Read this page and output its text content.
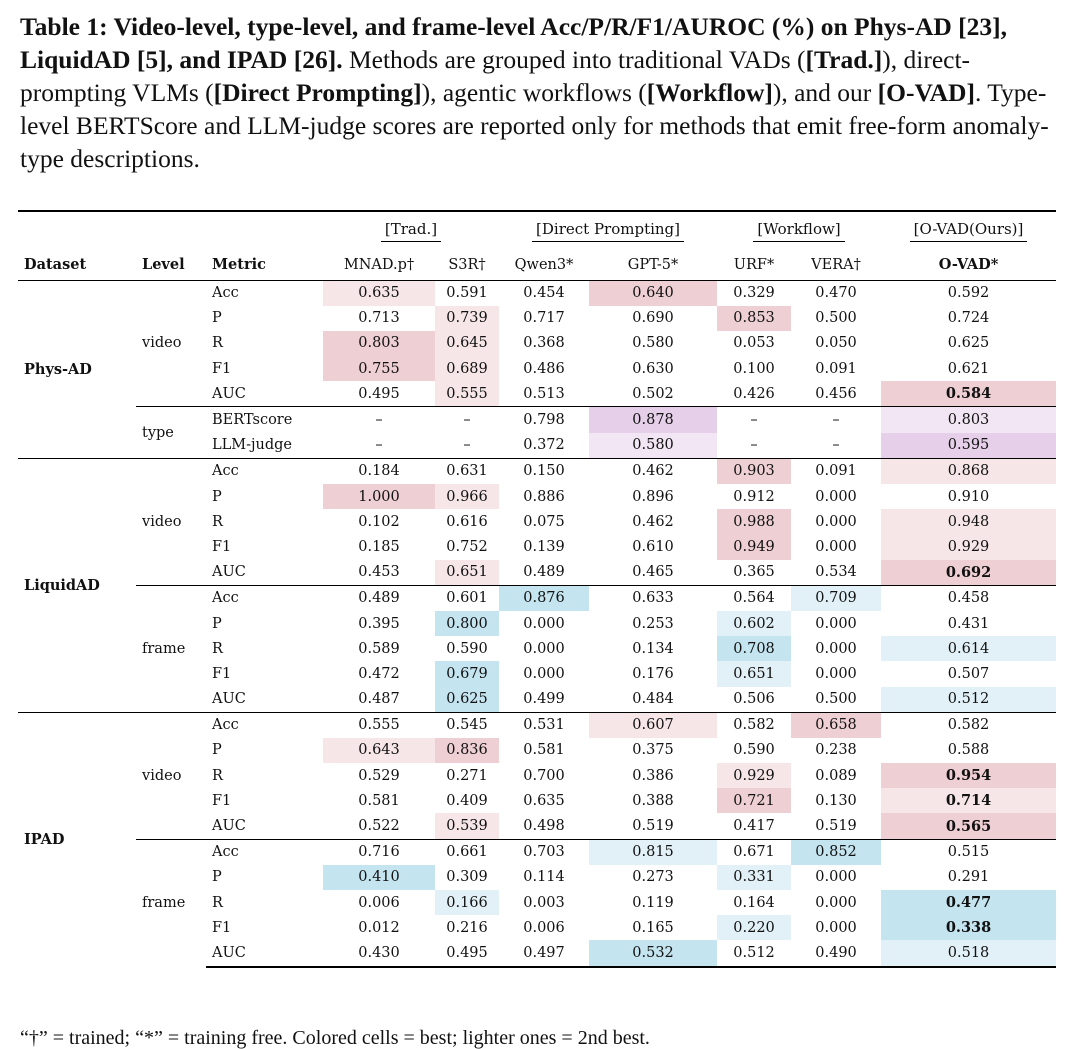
Table 1: Video-level, type-level, and frame-level Acc/P/R/F1/AUROC (%) on Phys-AD [23], LiquidAD [5], and IPAD [26]. Methods are grouped into traditional VADs ([Trad.]), direct-prompting VLMs ([Direct Prompting]), agentic workflows ([Workflow]), and our [O-VAD]. Type-level BERTScore and LLM-judge scores are reported only for methods that emit free-form anomaly-type descriptions.
			[Trad.]		[Direct Prompting]		[Workflow]		[O-VAD(Ours)]
Dataset	Level	Metric	MNAD.p†	S3R†	Qwen3*	GPT-5*	URF*	VERA†	O-VAD*
Phys-AD	video	Acc	0.635	0.591	0.454	0.640	0.329	0.470	0.592
		P	0.713	0.739	0.717	0.690	0.853	0.500	0.724
		R	0.803	0.645	0.368	0.580	0.053	0.050	0.625
		F1	0.755	0.689	0.486	0.630	0.100	0.091	0.621
		AUC	0.495	0.555	0.513	0.502	0.426	0.456	0.584
	type	BERTscore	–	–	0.798	0.878	–	–	0.803
		LLM-judge	–	–	0.372	0.580	–	–	0.595
LiquidAD	video	Acc	0.184	0.631	0.150	0.462	0.903	0.091	0.868
		P	1.000	0.966	0.886	0.896	0.912	0.000	0.910
		R	0.102	0.616	0.075	0.462	0.988	0.000	0.948
		F1	0.185	0.752	0.139	0.610	0.949	0.000	0.929
		AUC	0.453	0.651	0.489	0.465	0.365	0.534	0.692
	frame	Acc	0.489	0.601	0.876	0.633	0.564	0.709	0.458
		P	0.395	0.800	0.000	0.253	0.602	0.000	0.431
		R	0.589	0.590	0.000	0.134	0.708	0.000	0.614
		F1	0.472	0.679	0.000	0.176	0.651	0.000	0.507
		AUC	0.487	0.625	0.499	0.484	0.506	0.500	0.512
IPAD	video	Acc	0.555	0.545	0.531	0.607	0.582	0.658	0.582
		P	0.643	0.836	0.581	0.375	0.590	0.238	0.588
		R	0.529	0.271	0.700	0.386	0.929	0.089	0.954
		F1	0.581	0.409	0.635	0.388	0.721	0.130	0.714
		AUC	0.522	0.539	0.498	0.519	0.417	0.519	0.565
	frame	Acc	0.716	0.661	0.703	0.815	0.671	0.852	0.515
		P	0.410	0.309	0.114	0.273	0.331	0.000	0.291
		R	0.006	0.166	0.003	0.119	0.164	0.000	0.477
		F1	0.012	0.216	0.006	0.165	0.220	0.000	0.338
		AUC	0.430	0.495	0.497	0.532	0.512	0.490	0.518
“†” = trained; “*” = training free. Colored cells = best; lighter ones = 2nd best.
